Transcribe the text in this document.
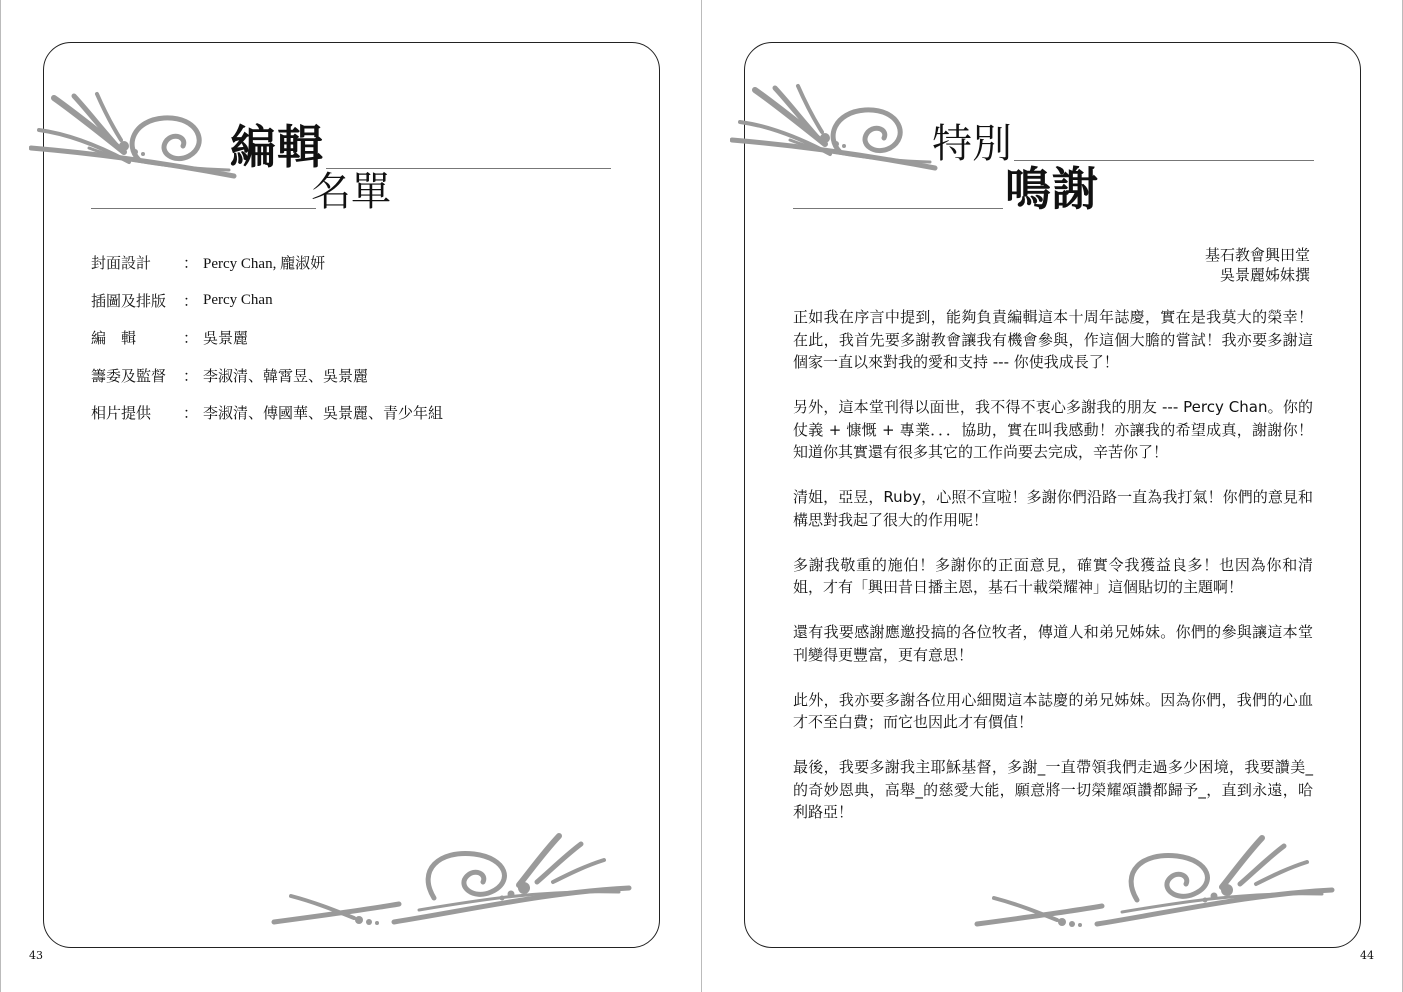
編輯
名單
封面設計	： Percy Chan, 龐淑妍
插圖及排版	： Percy Chan
編　輯	： 吳景麗
籌委及監督	： 李淑清、韓霄昱、吳景麗
相片提供	： 李淑清、傅國華、吳景麗、青少年組
43
特別
鳴謝
基石教會興田堂
吳景麗姊妹撰

正如我在序言中提到，能夠負責編輯這本十周年誌慶，實在是我莫大的榮幸！在此，我首先要多謝教會讓我有機會參與，作這個大膽的嘗試！我亦要多謝這個家一直以來對我的愛和支持 --- 你使我成長了！

另外，這本堂刊得以面世，我不得不衷心多謝我的朋友 --- Percy Chan。你的仗義 + 慷慨 + 專業．．．協助，實在叫我感動！亦讓我的希望成真，謝謝你！知道你其實還有很多其它的工作尚要去完成，辛苦你了！

清姐，亞昱，Ruby，心照不宣啦！多謝你們沿路一直為我打氣！你們的意見和構思對我起了很大的作用呢！

多謝我敬重的施伯！多謝你的正面意見，確實令我獲益良多！也因為你和清姐，才有「興田昔日播主恩，基石十載榮耀神」這個貼切的主題啊！

還有我要感謝應邀投搞的各位牧者，傳道人和弟兄姊妹。你們的參與讓這本堂刊變得更豐富，更有意思！

此外，我亦要多謝各位用心細閱這本誌慶的弟兄姊妹。因為你們，我們的心血才不至白費；而它也因此才有價值！

最後，我要多謝我主耶穌基督，多謝_一直帶領我們走過多少困境，我要讚美_的奇妙恩典，高舉_的慈愛大能，願意將一切榮耀頌讚都歸予_，直到永遠，哈利路亞！

44
